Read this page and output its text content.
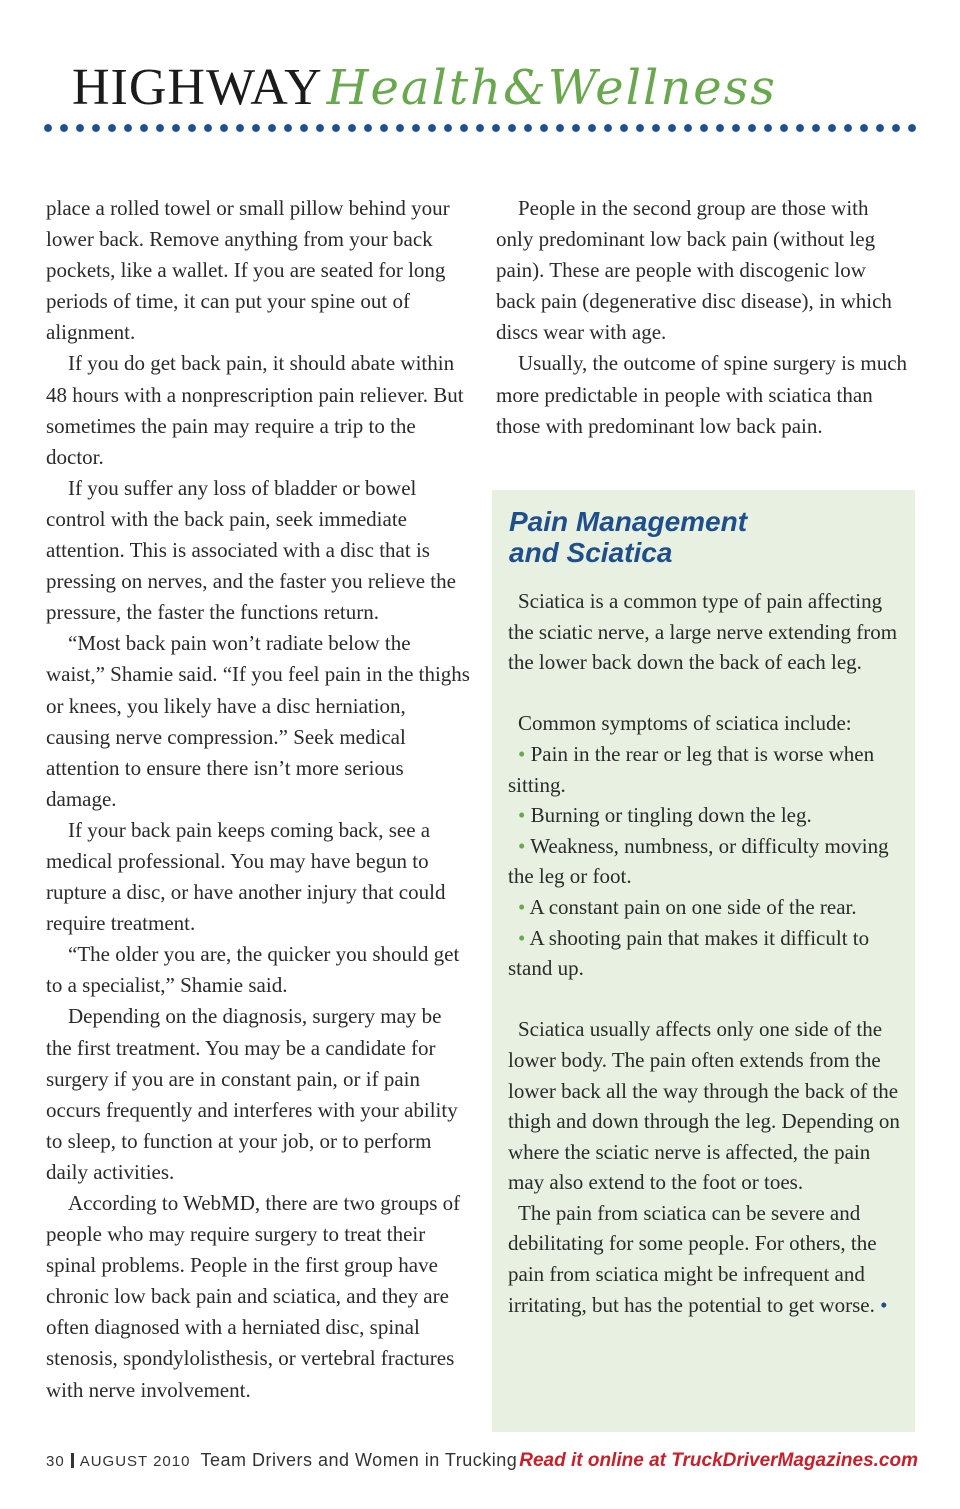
HIGHWAYHealth&Wellness

place a rolled towel or small pillow behind your lower back. Remove anything from your back pockets, like a wallet. If you are seated for long periods of time, it can put your spine out of alignment.

If you do get back pain, it should abate within 48 hours with a nonprescription pain reliever. But sometimes the pain may require a trip to the doctor.

If you suffer any loss of bladder or bowel control with the back pain, seek immediate attention. This is associated with a disc that is pressing on nerves, and the faster you relieve the pressure, the faster the functions return.

“Most back pain won’t radiate below the waist,” Shamie said. “If you feel pain in the thighs or knees, you likely have a disc herniation, causing nerve compression.” Seek medical attention to ensure there isn’t more serious damage.

If your back pain keeps coming back, see a medical professional. You may have begun to rupture a disc, or have another injury that could require treatment.

“The older you are, the quicker you should get to a specialist,” Shamie said.

Depending on the diagnosis, surgery may be the first treatment. You may be a candidate for surgery if you are in constant pain, or if pain occurs frequently and interferes with your ability to sleep, to function at your job, or to perform daily activities.

According to WebMD, there are two groups of people who may require surgery to treat their spinal problems. People in the first group have chronic low back pain and sciatica, and they are often diagnosed with a herniated disc, spinal stenosis, spondylolisthesis, or vertebral fractures with nerve involvement.

People in the second group are those with only predominant low back pain (without leg pain). These are people with discogenic low back pain (degenerative disc disease), in which discs wear with age.

Usually, the outcome of spine surgery is much more predictable in people with sciatica than those with predominant low back pain.

Pain Management
and Sciatica

Sciatica is a common type of pain affecting the sciatic nerve, a large nerve extending from the lower back down the back of each leg.

Common symptoms of sciatica include:

• Pain in the rear or leg that is worse when sitting.

• Burning or tingling down the leg.

• Weakness, numbness, or difficulty moving the leg or foot.

• A constant pain on one side of the rear.

• A shooting pain that makes it difficult to stand up.

Sciatica usually affects only one side of the lower body. The pain often extends from the lower back all the way through the back of the thigh and down through the leg. Depending on where the sciatic nerve is affected, the pain may also extend to the foot or toes.

The pain from sciatica can be severe and debilitating for some people. For others, the pain from sciatica might be infrequent and irritating, but has the potential to get worse. •

30 AUGUST 2010 Team Drivers and Women in Trucking Read it online at TruckDriverMagazines.com
